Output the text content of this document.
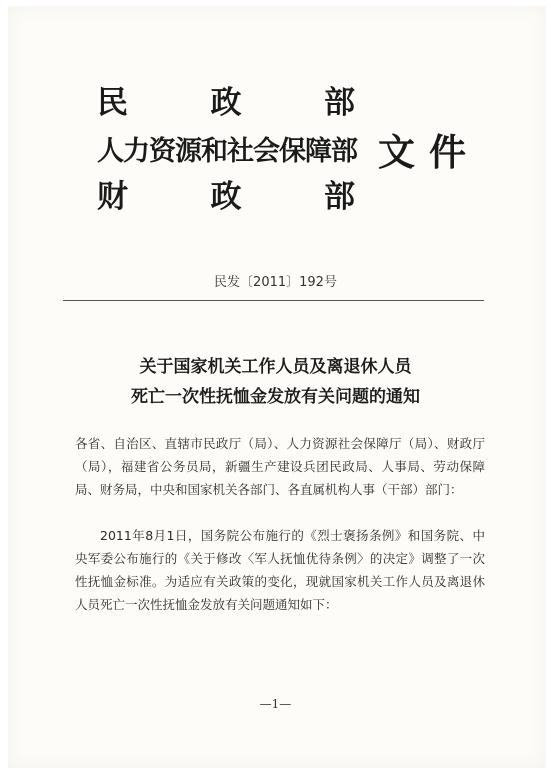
民	政	部
人力资源和社会保障部 文 件
财	政	部
民发〔2011〕192号
关于国家机关工作人员及离退休人员
死亡一次性抚恤金发放有关问题的通知
各省、自治区、直辖市民政厅（局）、人力资源社会保障厅（局）、财政厅（局），福建省公务员局，新疆生产建设兵团民政局、人事局、劳动保障局、财务局，中央和国家机关各部门、各直属机构人事（干部）部门：
2011年8月1日，国务院公布施行的《烈士褒扬条例》和国务院、中央军委公布施行的《关于修改〈军人抚恤优待条例〉的决定》调整了一次性抚恤金标准。为适应有关政策的变化，现就国家机关工作人员及离退休人员死亡一次性抚恤金发放有关问题通知如下：
—1—
